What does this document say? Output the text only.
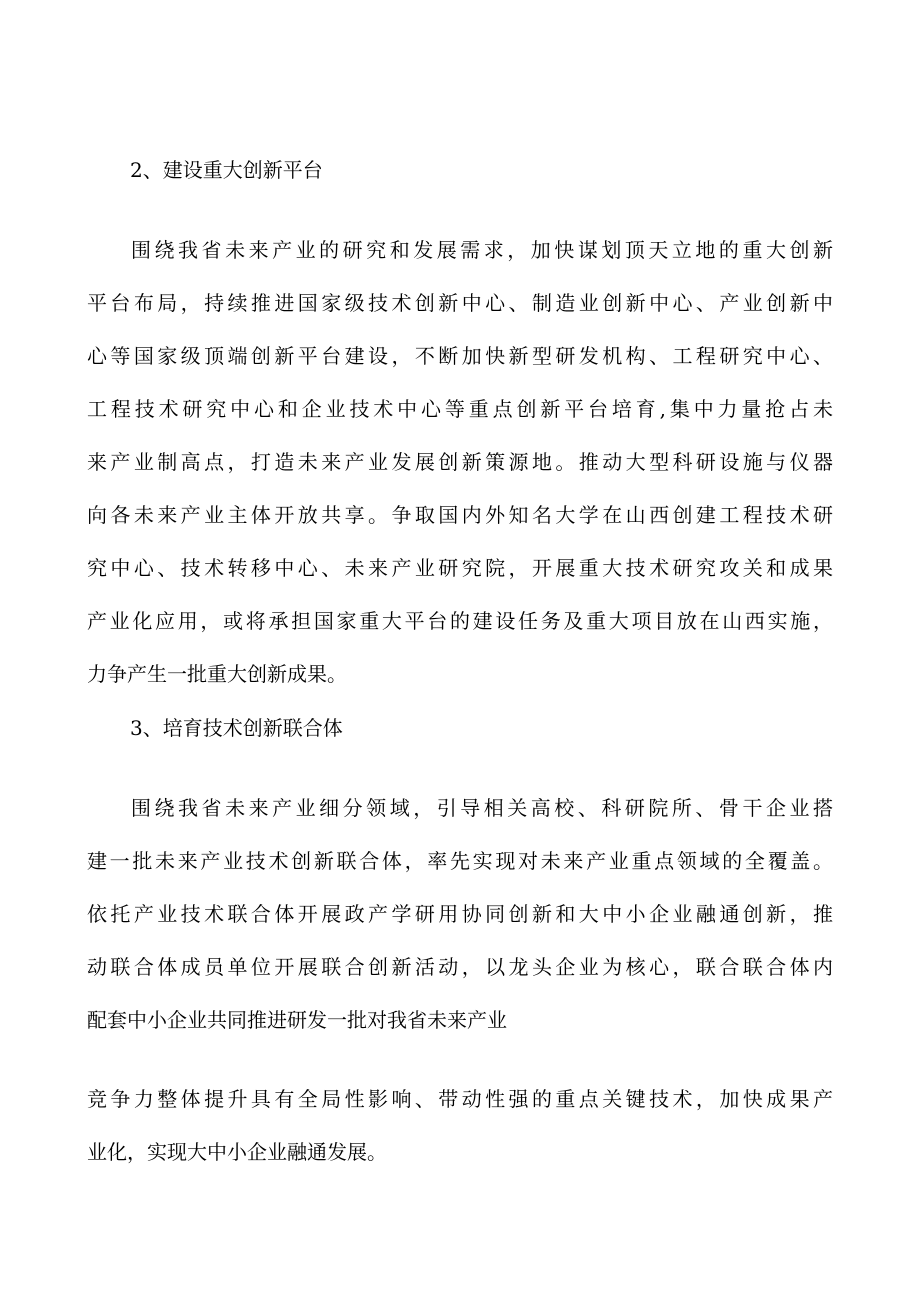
2、建设重大创新平台
围绕我省未来产业的研究和发展需求，加快谋划顶天立地的重大创新
平台布局，持续推进国家级技术创新中心、制造业创新中心、产业创新中
心等国家级顶端创新平台建设，不断加快新型研发机构、工程研究中心、
工程技术研究中心和企业技术中心等重点创新平台培育,集中力量抢占未
来产业制高点，打造未来产业发展创新策源地。推动大型科研设施与仪器
向各未来产业主体开放共享。争取国内外知名大学在山西创建工程技术研
究中心、技术转移中心、未来产业研究院，开展重大技术研究攻关和成果
产业化应用，或将承担国家重大平台的建设任务及重大项目放在山西实施，
力争产生一批重大创新成果。
3、培育技术创新联合体
围绕我省未来产业细分领域，引导相关高校、科研院所、骨干企业搭
建一批未来产业技术创新联合体，率先实现对未来产业重点领域的全覆盖。
依托产业技术联合体开展政产学研用协同创新和大中小企业融通创新，推
动联合体成员单位开展联合创新活动，以龙头企业为核心，联合联合体内
配套中小企业共同推进研发一批对我省未来产业
竞争力整体提升具有全局性影响、带动性强的重点关键技术，加快成果产
业化，实现大中小企业融通发展。
